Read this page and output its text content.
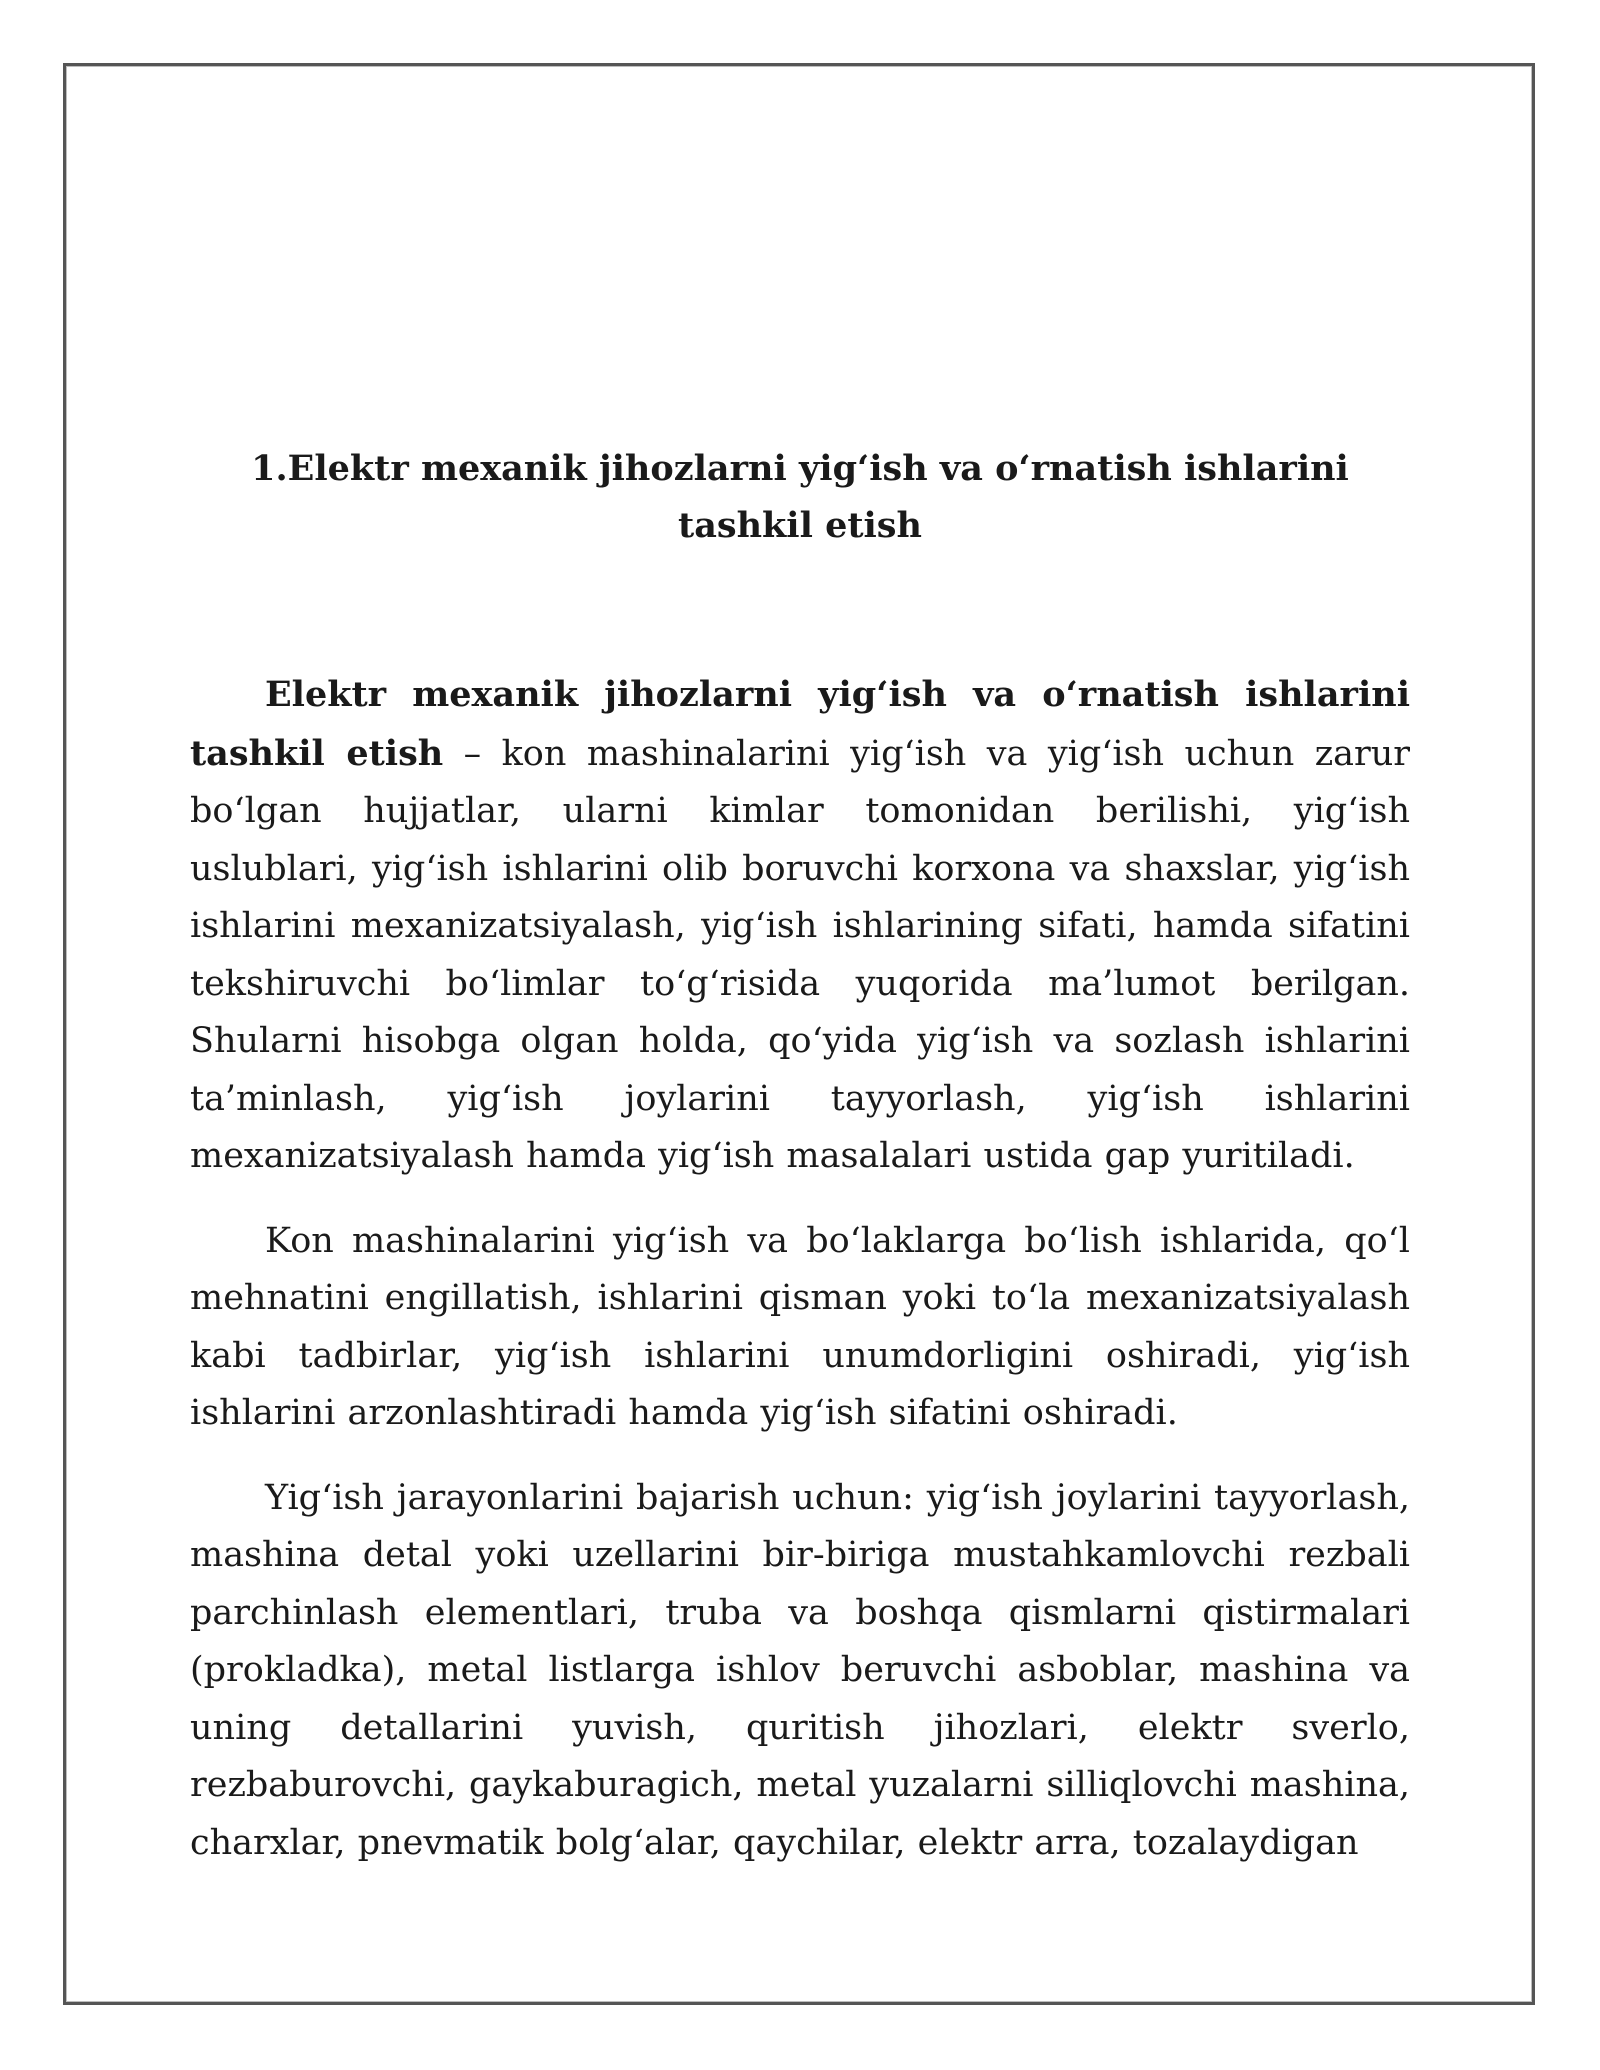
1.Elektr mexanik jihozlarni yig‘ish va o‘rnatish ishlarini tashkil etish

Elektr mexanik jihozlarni yig‘ish va o‘rnatish ishlarini tashkil etish – kon mashinalarini yig‘ish va yig‘ish uchun zarur bo‘lgan hujjatlar, ularni kimlar tomonidan berilishi, yig‘ish uslublari, yig‘ish ishlarini olib boruvchi korxona va shaxslar, yig‘ish ishlarini mexanizatsiyalash, yig‘ish ishlarining sifati, hamda sifatini tekshiruvchi bo‘limlar to‘g‘risida yuqorida ma’lumot berilgan. Shularni hisobga olgan holda, qo‘yida yig‘ish va sozlash ishlarini ta’minlash, yig‘ish joylarini tayyorlash, yig‘ish ishlarini mexanizatsiyalash hamda yig‘ish masalalari ustida gap yuritiladi.

Kon mashinalarini yig‘ish va bo‘laklarga bo‘lish ishlarida, qo‘l mehnatini engillatish, ishlarini qisman yoki to‘la mexanizatsiyalash kabi tadbirlar, yig‘ish ishlarini unumdorligini oshiradi, yig‘ish ishlarini arzonlashtiradi hamda yig‘ish sifatini oshiradi.

Yig‘ish jarayonlarini bajarish uchun: yig‘ish joylarini tayyorlash, mashina detal yoki uzellarini bir-biriga mustahkamlovchi rezbali parchinlash elementlari, truba va boshqa qismlarni qistirmalari (prokladka), metal listlarga ishlov beruvchi asboblar, mashina va uning detallarini yuvish, quritish jihozlari, elektr sverlo, rezbaburovchi, gaykaburagich, metal yuzalarni silliqlovchi mashina, charxlar, pnevmatik bolg‘alar, qaychilar, elektr arra, tozalaydigan
